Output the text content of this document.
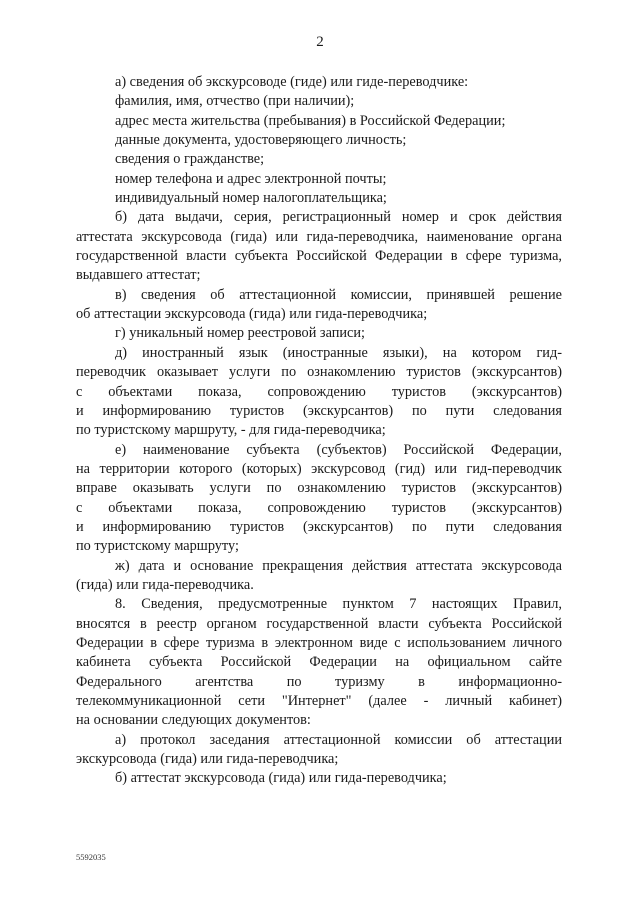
2

а) сведения об экскурсоводе (гиде) или гиде-переводчике:

фамилия, имя, отчество (при наличии);

адрес места жительства (пребывания) в Российской Федерации;

данные документа, удостоверяющего личность;

сведения о гражданстве;

номер телефона и адрес электронной почты;

индивидуальный номер налогоплательщика;

б) дата выдачи, серия, регистрационный номер и срок действия

аттестата экскурсовода (гида) или гида-переводчика, наименование органа

государственной власти субъекта Российской Федерации в сфере туризма,

выдавшего аттестат;

в) сведения об аттестационной комиссии, принявшей решение

об аттестации экскурсовода (гида) или гида-переводчика;

г) уникальный номер реестровой записи;

д) иностранный язык (иностранные языки), на котором гид-

переводчик оказывает услуги по ознакомлению туристов (экскурсантов)

с объектами показа, сопровождению туристов (экскурсантов)

и информированию туристов (экскурсантов) по пути следования

по туристскому маршруту, - для гида-переводчика;

е) наименование субъекта (субъектов) Российской Федерации,

на территории которого (которых) экскурсовод (гид) или гид-переводчик

вправе оказывать услуги по ознакомлению туристов (экскурсантов)

с объектами показа, сопровождению туристов (экскурсантов)

и информированию туристов (экскурсантов) по пути следования

по туристскому маршруту;

ж) дата и основание прекращения действия аттестата экскурсовода

(гида) или гида-переводчика.

8. Сведения, предусмотренные пунктом 7 настоящих Правил,

вносятся в реестр органом государственной власти субъекта Российской

Федерации в сфере туризма в электронном виде с использованием личного

кабинета субъекта Российской Федерации на официальном сайте

Федерального агентства по туризму в информационно-

телекоммуникационной сети "Интернет" (далее - личный кабинет)

на основании следующих документов:

а) протокол заседания аттестационной комиссии об аттестации

экскурсовода (гида) или гида-переводчика;

б) аттестат экскурсовода (гида) или гида-переводчика;

5592035
